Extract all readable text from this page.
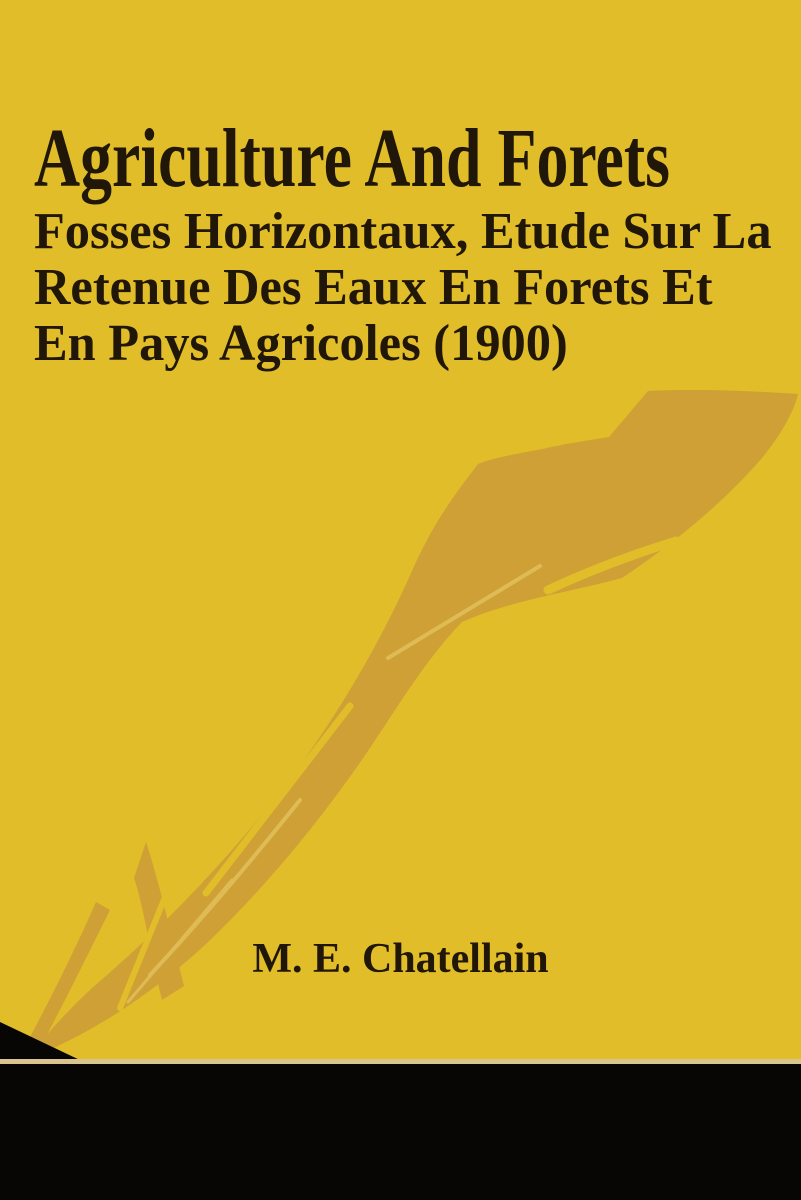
Agriculture And Forets
Fosses Horizontaux, Etude Sur La
Retenue Des Eaux En Forets Et
En Pays Agricoles (1900)
M. E. Chatellain
